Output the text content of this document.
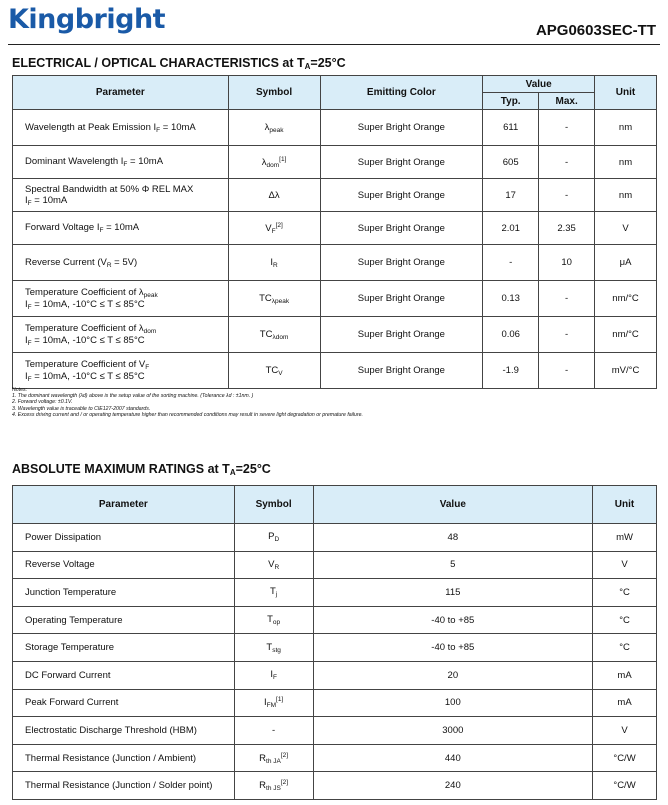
Kingbright	APG0603SEC-TT
ELECTRICAL / OPTICAL CHARACTERISTICS at $T_A=25^\circ C$
Parameter	Symbol	Emitting Color	Value		Unit
			Typ.	Max.	

Wavelength at Peak Emission $I_F = 10mA$	$\lambda_{peak}$	Super Bright Orange	611	-	nm

Dominant Wavelength $I_F = 10mA$	$\lambda_{dom}[1]$	Super Bright Orange	605	-	nm

Spectral Bandwidth at 50% Φ REL MAX
$I_F = 10mA$	Δλ	Super Bright Orange	17	-	nm

Forward Voltage $I_F = 10mA$	$V_F[2]$	Super Bright Orange	2.01	2.35	V

Reverse Current $(V_R = 5V)$	$I_R$	Super Bright Orange	-	10	μA

Temperature Coefficient of $\lambda_{peak}$
$I_F = 10mA$, -10°C ≤ T ≤ 85°C	$TC_{\lambda peak}$	Super Bright Orange	0.13	-	nm/°C

Temperature Coefficient of $\lambda_{dom}$
$I_F = 10mA$, -10°C ≤ T ≤ 85°C	$TC_{\lambda dom}$	Super Bright Orange	0.06	-	nm/°C

Temperature Coefficient of $V_F$
$I_F = 10mA$, -10°C ≤ T ≤ 85°C	$TC_V$	Super Bright Orange	-1.9	-	mV/°C
Notes:
1. The dominant wavelength (λd) above is the setup value of the sorting machine. (Tolerance λd : ±1nm. )
2. Forward voltage: ±0.1V.
3. Wavelength value is traceable to CIE127-2007 standards.
4. Excess driving current and / or operating temperature higher than recommended conditions may result in severe light degradation or premature failure.
ABSOLUTE MAXIMUM RATINGS at $T_A=25^\circ C$
Parameter	Symbol	Value	Unit
Power Dissipation	$P_D$	48	mW
Reverse Voltage	$V_R$	5	V
Junction Temperature	$T_j$	115	°C
Operating Temperature	$T_{op}$	-40 to +85	°C
Storage Temperature	$T_{stg}$	-40 to +85	°C
DC Forward Current	$I_F$	20	mA
Peak Forward Current	$I_{FM}[1]$	100	mA
Electrostatic Discharge Threshold (HBM)	-	3000	V
Thermal Resistance (Junction / Ambient)	$R_{th JA}[2]$	440	°C/W
Thermal Resistance (Junction / Solder point)	$R_{th JS}[2]$	240	°C/W
